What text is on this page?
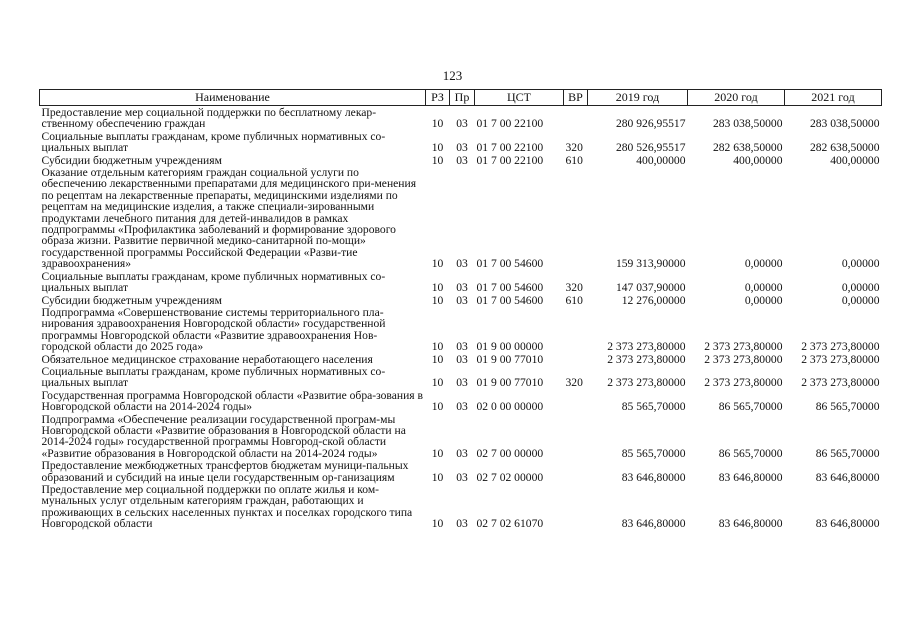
123
Наименование	РЗ	Пр	ЦСТ	ВР	2019 год	2020 год	2021 год
Предоставление мер социальной поддержки по бесплатному лекар-ственному обеспечению граждан	10	03	01 7 00 22100		280 926,95517	283 038,50000	283 038,50000
Социальные выплаты гражданам, кроме публичных нормативных со-циальных выплат	10	03	01 7 00 22100	320	280 526,95517	282 638,50000	282 638,50000
Субсидии бюджетным учреждениям	10	03	01 7 00 22100	610	400,00000	400,00000	400,00000
Оказание отдельным категориям граждан социальной услуги по обеспечению лекарственными препаратами для медицинского при-менения по рецептам на лекарственные препараты, медицинскими изделиями по рецептам на медицинские изделия, а также специали-зированными продуктами лечебного питания для детей-инвалидов в рамках подпрограммы «Профилактика заболеваний и формирование здорового образа жизни. Развитие первичной медико-санитарной по-мощи» государственной программы Российской Федерации «Разви-тие здравоохранения»	10	03	01 7 00 54600		159 313,90000	0,00000	0,00000
Социальные выплаты гражданам, кроме публичных нормативных со-циальных выплат	10	03	01 7 00 54600	320	147 037,90000	0,00000	0,00000
Субсидии бюджетным учреждениям	10	03	01 7 00 54600	610	12 276,00000	0,00000	0,00000
Подпрограмма «Совершенствование системы территориального пла-нирования здравоохранения Новгородской области» государственной программы Новгородской области «Развитие здравоохранения Нов-городской области до 2025 года»	10	03	01 9 00 00000		2 373 273,80000	2 373 273,80000	2 373 273,80000
Обязательное медицинское страхование неработающего населения	10	03	01 9 00 77010		2 373 273,80000	2 373 273,80000	2 373 273,80000
Социальные выплаты гражданам, кроме публичных нормативных со-циальных выплат	10	03	01 9 00 77010	320	2 373 273,80000	2 373 273,80000	2 373 273,80000
Государственная программа Новгородской области «Развитие обра-зования в Новгородской области на 2014-2024 годы»	10	03	02 0 00 00000		85 565,70000	86 565,70000	86 565,70000
Подпрограмма «Обеспечение реализации государственной програм-мы Новгородской области «Развитие образования в Новгородской области на 2014-2024 годы» государственной программы Новгород-ской области «Развитие образования в Новгородской области на 2014-2024 годы»	10	03	02 7 00 00000		85 565,70000	86 565,70000	86 565,70000
Предоставление межбюджетных трансфертов бюджетам муници-пальных образований и субсидий на иные цели государственным ор-ганизациям	10	03	02 7 02 00000		83 646,80000	83 646,80000	83 646,80000
Предоставление мер социальной поддержки по оплате жилья и ком-мунальных услуг отдельным категориям граждан, работающих и проживающих в сельских населенных пунктах и поселках городского типа Новгородской области	10	03	02 7 02 61070		83 646,80000	83 646,80000	83 646,80000
